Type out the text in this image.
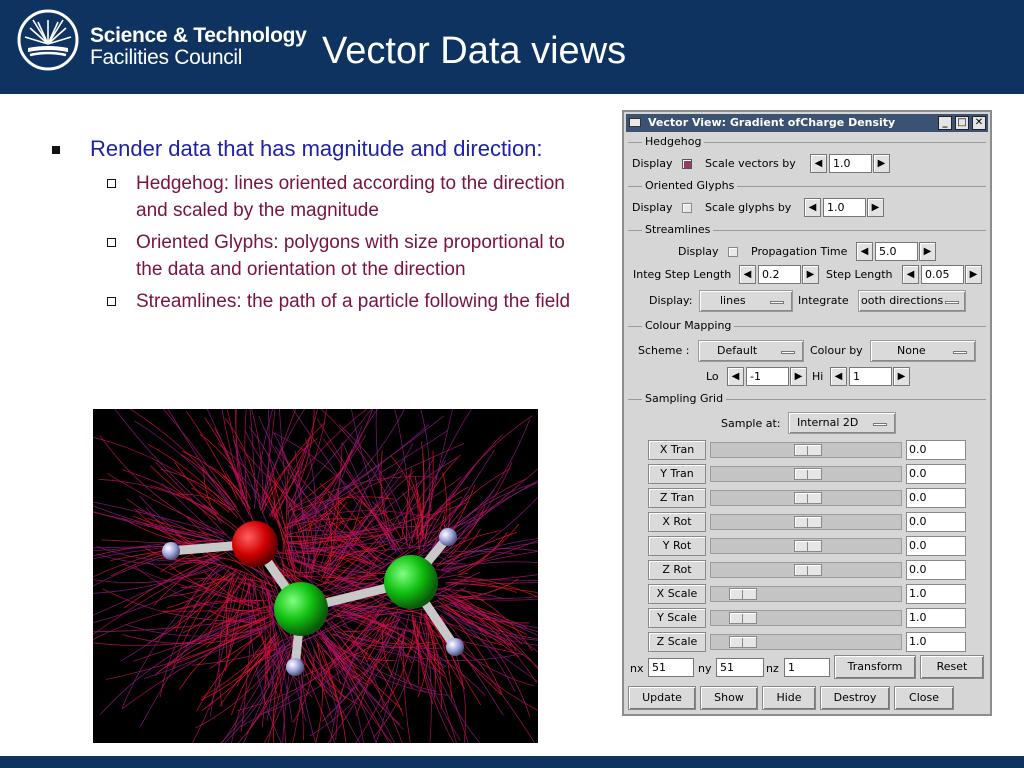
Science & Technology
Facilities Council Vector Data views
Render data that has magnitude and direction:
Hedgehog: lines oriented according to the direction and scaled by the magnitude
Oriented Glyphs: polygons with size proportional to the data and orientation ot the direction
Streamlines: the path of a particle following the field
Vector View: Gradient ofCharge Density	_ □ ✕
Hedgehog
Display	Scale vectors by	◀ 1.0	▶
Oriented Glyphs
Display	Scale glyphs by	◀ 1.0	▶
Streamlines
Display	Propagation Time	◀ 5.0	▶
Integ Step Length	◀ 0.2	▶	Step Length	◀ 0.05	▶
Display:	lines	Integrate ooth directions
Colour Mapping
Scheme :	Default	Colour by	None
Lo	◀ -1	▶ Hi	◀ 1	▶
Sampling Grid
Sample at:	Internal 2D
X Tran	0.0
Y Tran	0.0
Z Tran	0.0
X Rot	0.0
Y Rot	0.0
Z Rot	0.0
X Scale	1.0
Y Scale	1.0
Z Scale	1.0
nx 51	ny 51	nz 1	Transform	Reset
Update	Show	Hide	Destroy	Close
